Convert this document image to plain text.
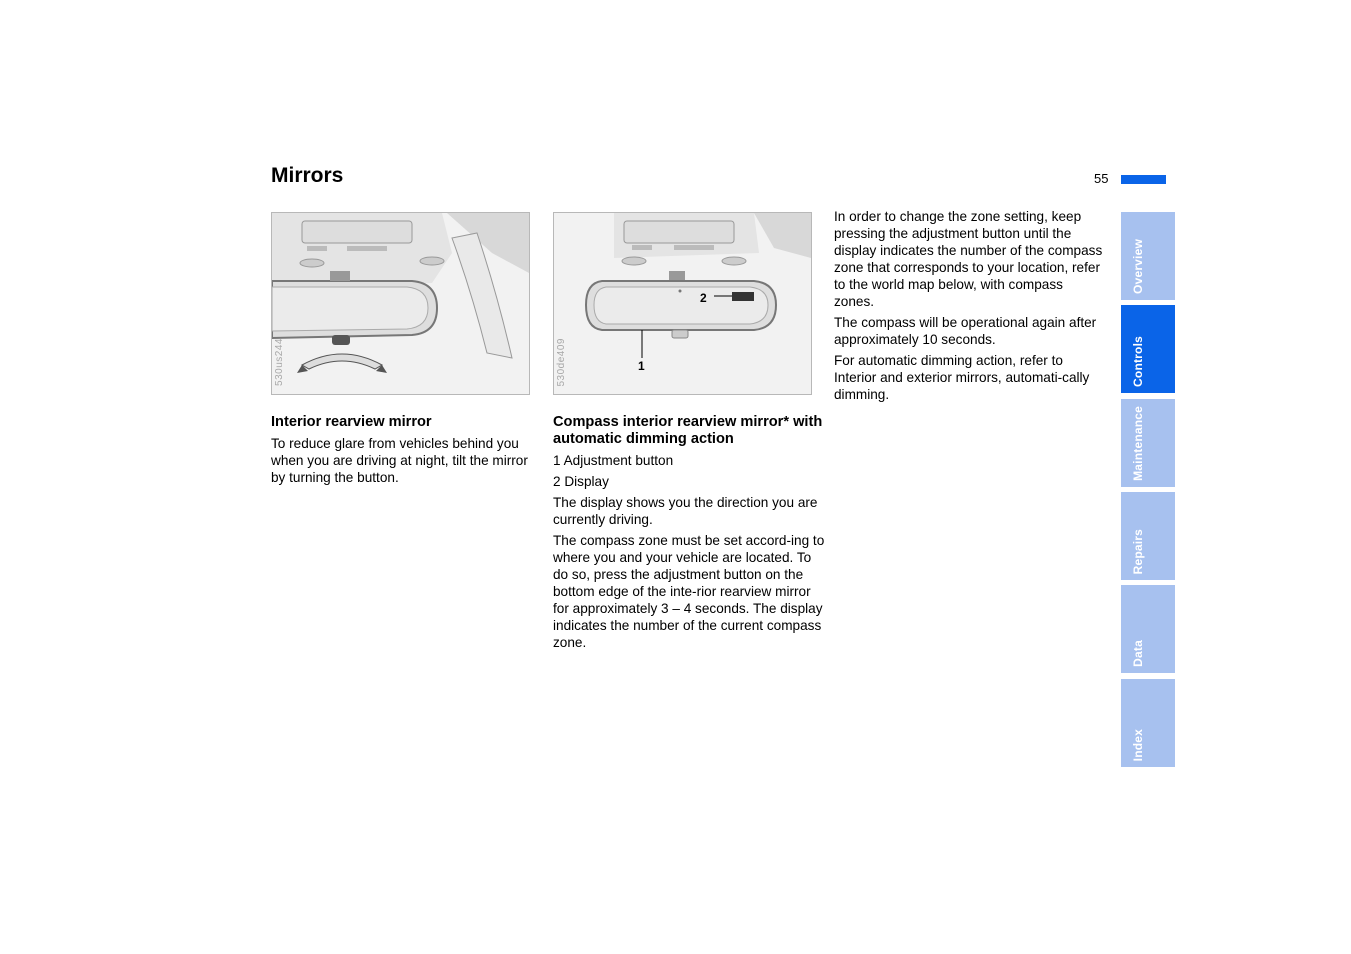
Mirrors	55
530us244
2
1
530de409
Interior rearview mirror

To reduce glare from vehicles behind you when you are driving at night, tilt the mirror by turning the button.

Compass interior rearview mirror* with automatic dimming action

1 Adjustment button

2 Display

The display shows you the direction you are currently driving.

The compass zone must be set accord-ing to where you and your vehicle are located. To do so, press the adjustment button on the bottom edge of the inte-rior rearview mirror for approximately 3 – 4 seconds. The display indicates the number of the current compass zone.

In order to change the zone setting, keep pressing the adjustment button until the display indicates the number of the compass zone that corresponds to your location, refer to the world map below, with compass zones.

The compass will be operational again after approximately 10 seconds.

For automatic dimming action, refer to Interior and exterior mirrors, automati-cally dimming.

Overview
Controls
Maintenance
Repairs
Data
Index
